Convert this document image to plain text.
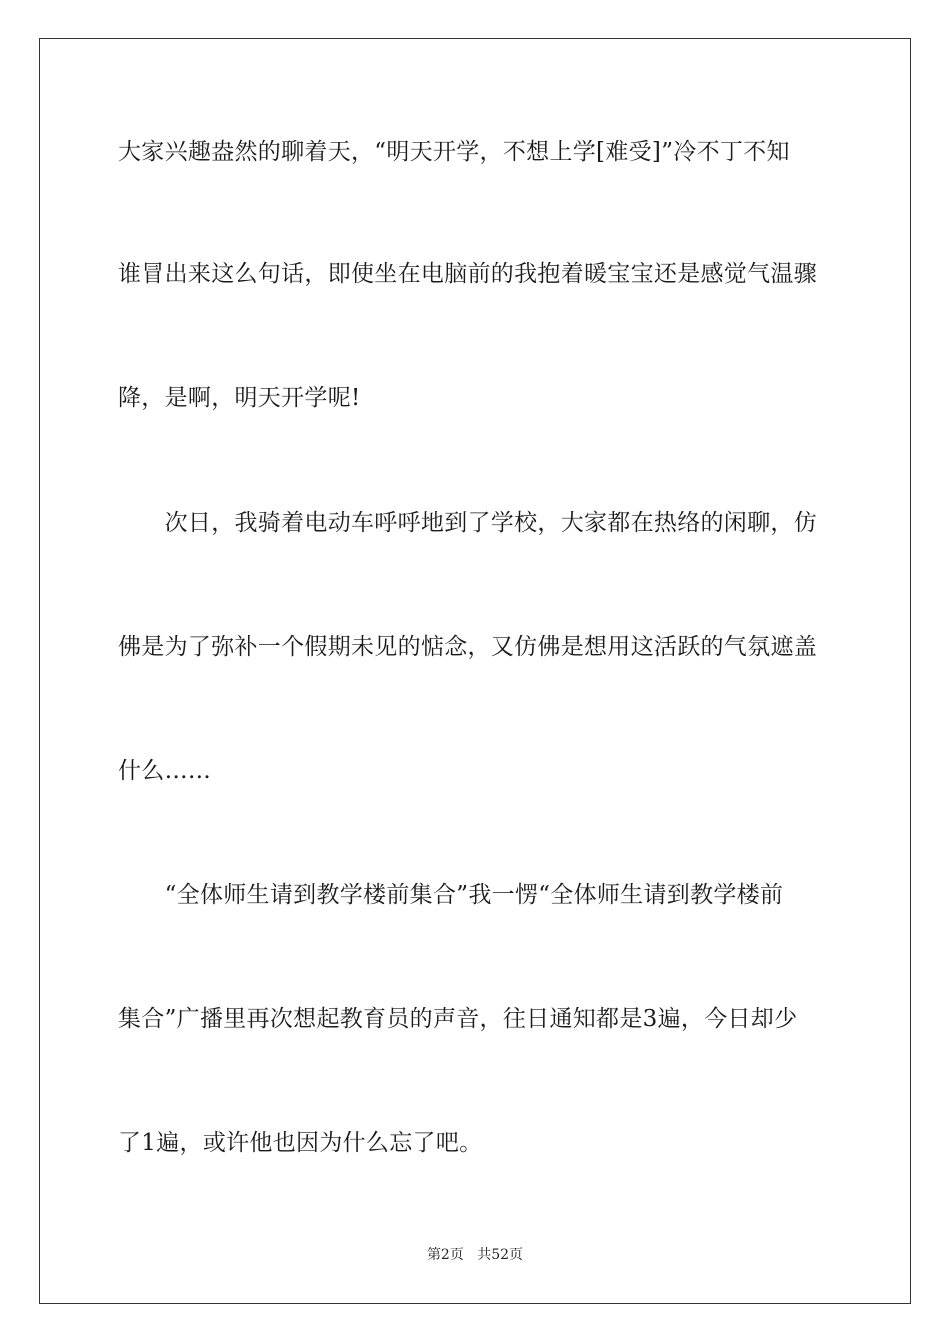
大家兴趣盎然的聊着天，“明天开学，不想上学[难受]”冷不丁不知
谁冒出来这么句话，即使坐在电脑前的我抱着暖宝宝还是感觉气温骤
降，是啊，明天开学呢!
　　次日，我骑着电动车呼呼地到了学校，大家都在热络的闲聊，仿
佛是为了弥补一个假期未见的惦念，又仿佛是想用这活跃的气氛遮盖
什么……
　　“全体师生请到教学楼前集合”我一愣“全体师生请到教学楼前
集合”广播里再次想起教育员的声音，往日通知都是3遍，今日却少
了1遍，或许他也因为什么忘了吧。
第2页 共52页
